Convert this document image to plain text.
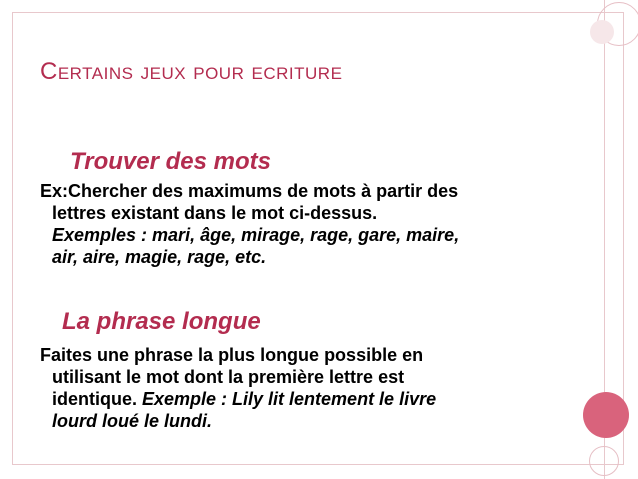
Certains jeux pour ecriture
Trouver des mots
Ex:Chercher des maximums de mots à partir des
lettres existant dans le mot ci-dessus.
Exemples : mari, âge, mirage, rage, gare, maire,
air, aire, magie, rage, etc.
La phrase longue
Faites une phrase la plus longue possible en
utilisant le mot dont la première lettre est
identique. Exemple : Lily lit lentement le livre
lourd loué le lundi.
